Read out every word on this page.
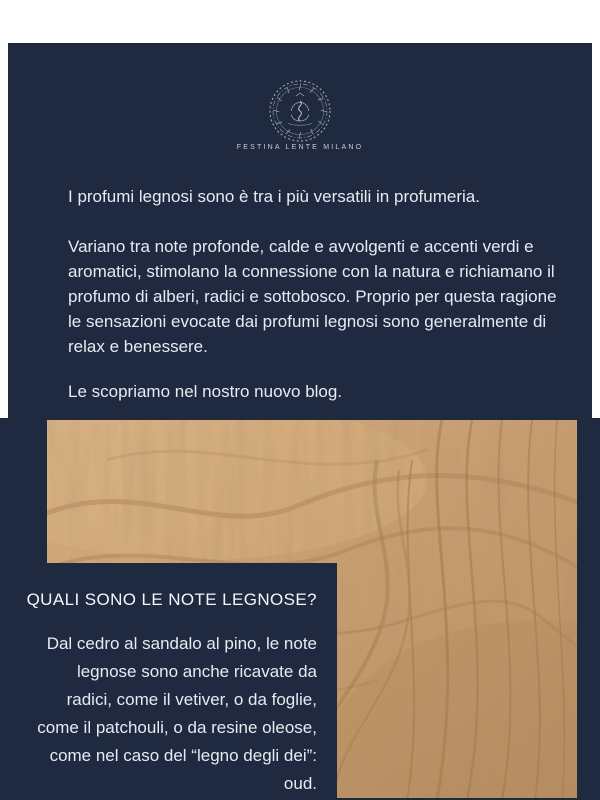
FESTINA LENTE MILANO
I profumi legnosi sono è tra i più versatili in profumeria.
Variano tra note profonde, calde e avvolgenti e accenti verdi e
aromatici, stimolano la connessione con la natura e richiamano il
profumo di alberi, radici e sottobosco. Proprio per questa ragione
le sensazioni evocate dai profumi legnosi sono generalmente di
relax e benessere.
Le scopriamo nel nostro nuovo blog.
QUALI SONO LE NOTE LEGNOSE?
Dal cedro al sandalo al pino, le note
legnose sono anche ricavate da
radici, come il vetiver, o da foglie,
come il patchouli, o da resine oleose,
come nel caso del “legno degli dei”:
oud.
